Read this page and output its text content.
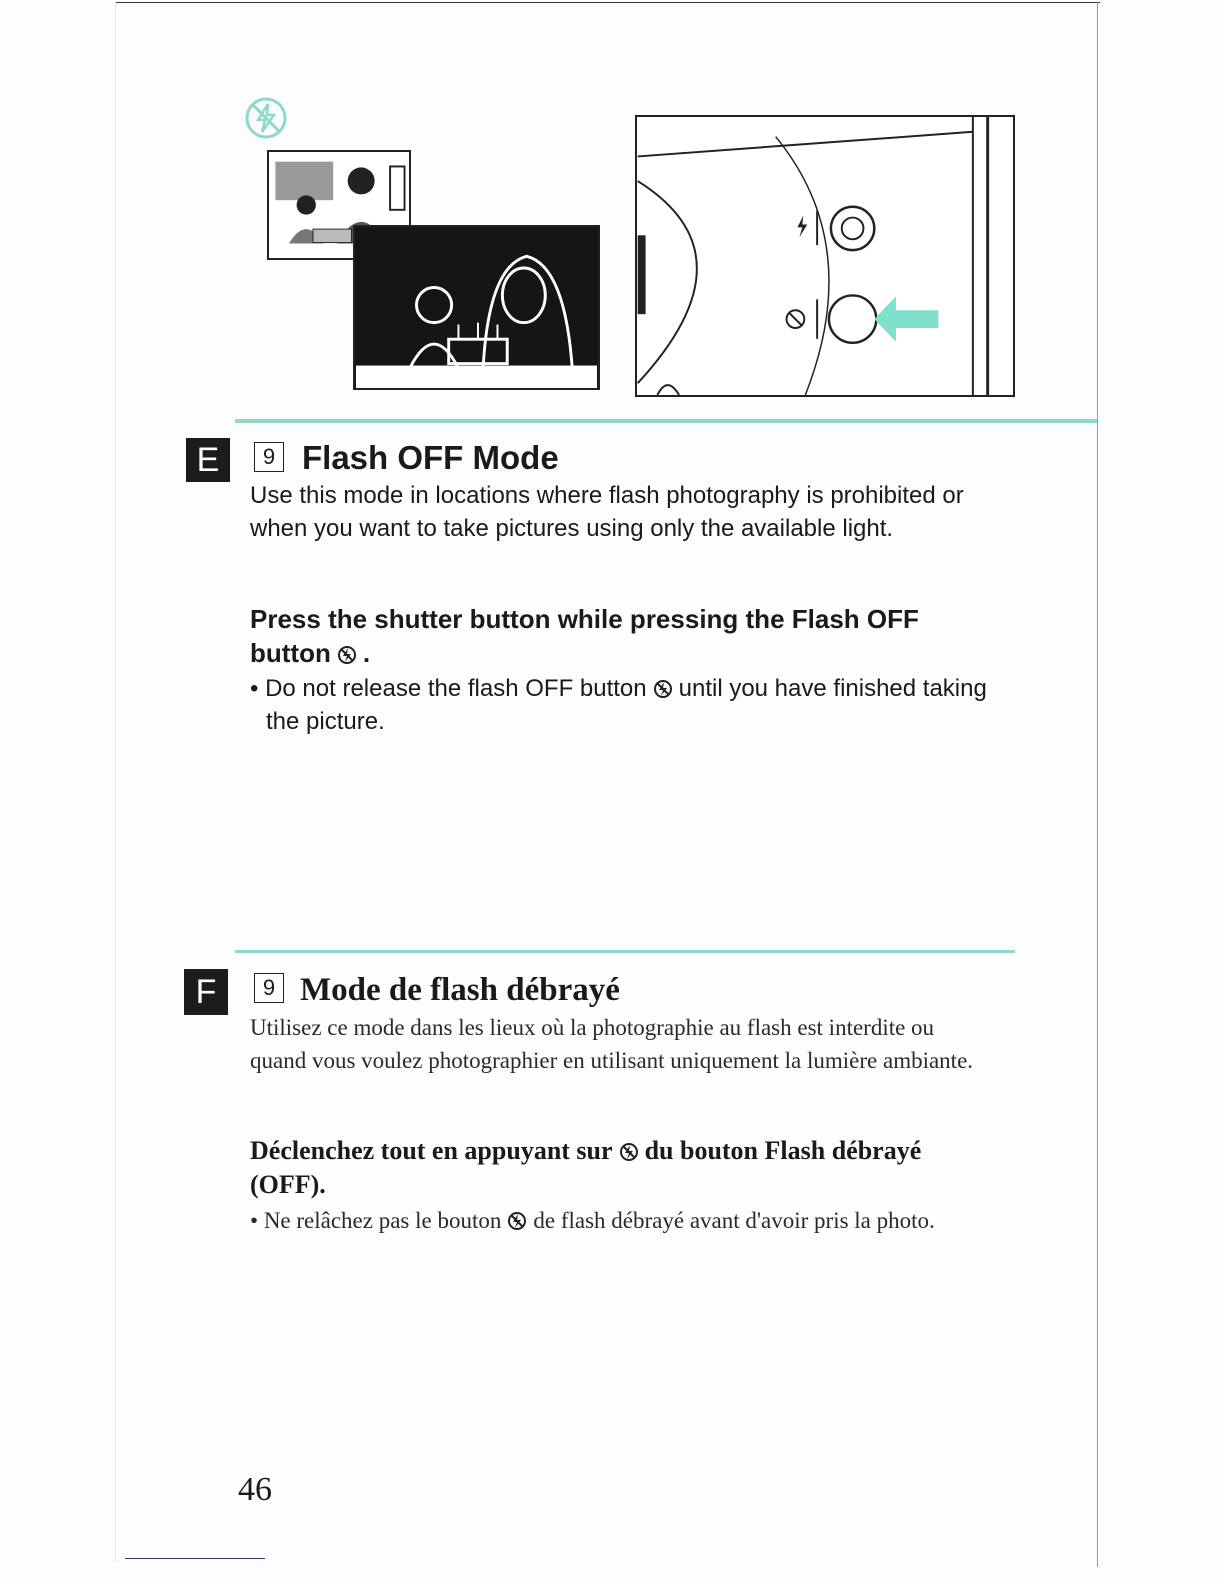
E	9 Flash OFF Mode

Use this mode in locations where flash photography is prohibited or when you want to take pictures using only the available light.

Press the shutter button while pressing the Flash OFF button .

• Do not release the flash OFF button until you have finished taking the picture.

F	9 Mode de flash débrayé

Utilisez ce mode dans les lieux où la photographie au flash est interdite ou quand vous voulez photographier en utilisant uniquement la lumière ambiante.

Déclenchez tout en appuyant sur du bouton Flash débrayé (OFF).

• Ne relâchez pas le bouton de flash débrayé avant d'avoir pris la photo.

46
